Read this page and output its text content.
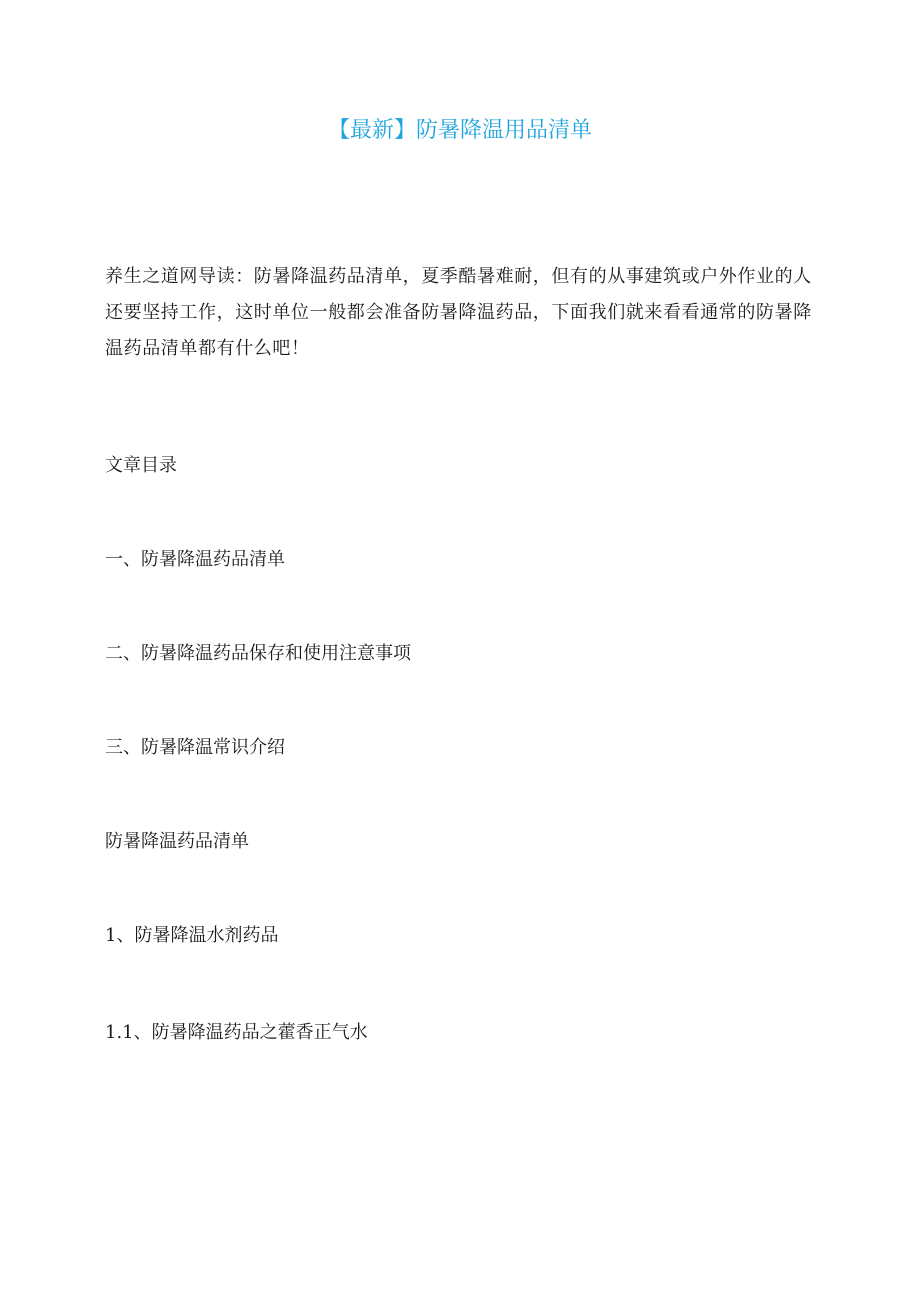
【最新】防暑降温用品清单

养生之道网导读：防暑降温药品清单，夏季酷暑难耐，但有的从事建筑或户外作业的人

还要坚持工作，这时单位一般都会准备防暑降温药品，下面我们就来看看通常的防暑降

温药品清单都有什么吧！

文章目录
一、防暑降温药品清单
二、防暑降温药品保存和使用注意事项
三、防暑降温常识介绍
防暑降温药品清单
1、防暑降温水剂药品
1.1、防暑降温药品之藿香正气水
